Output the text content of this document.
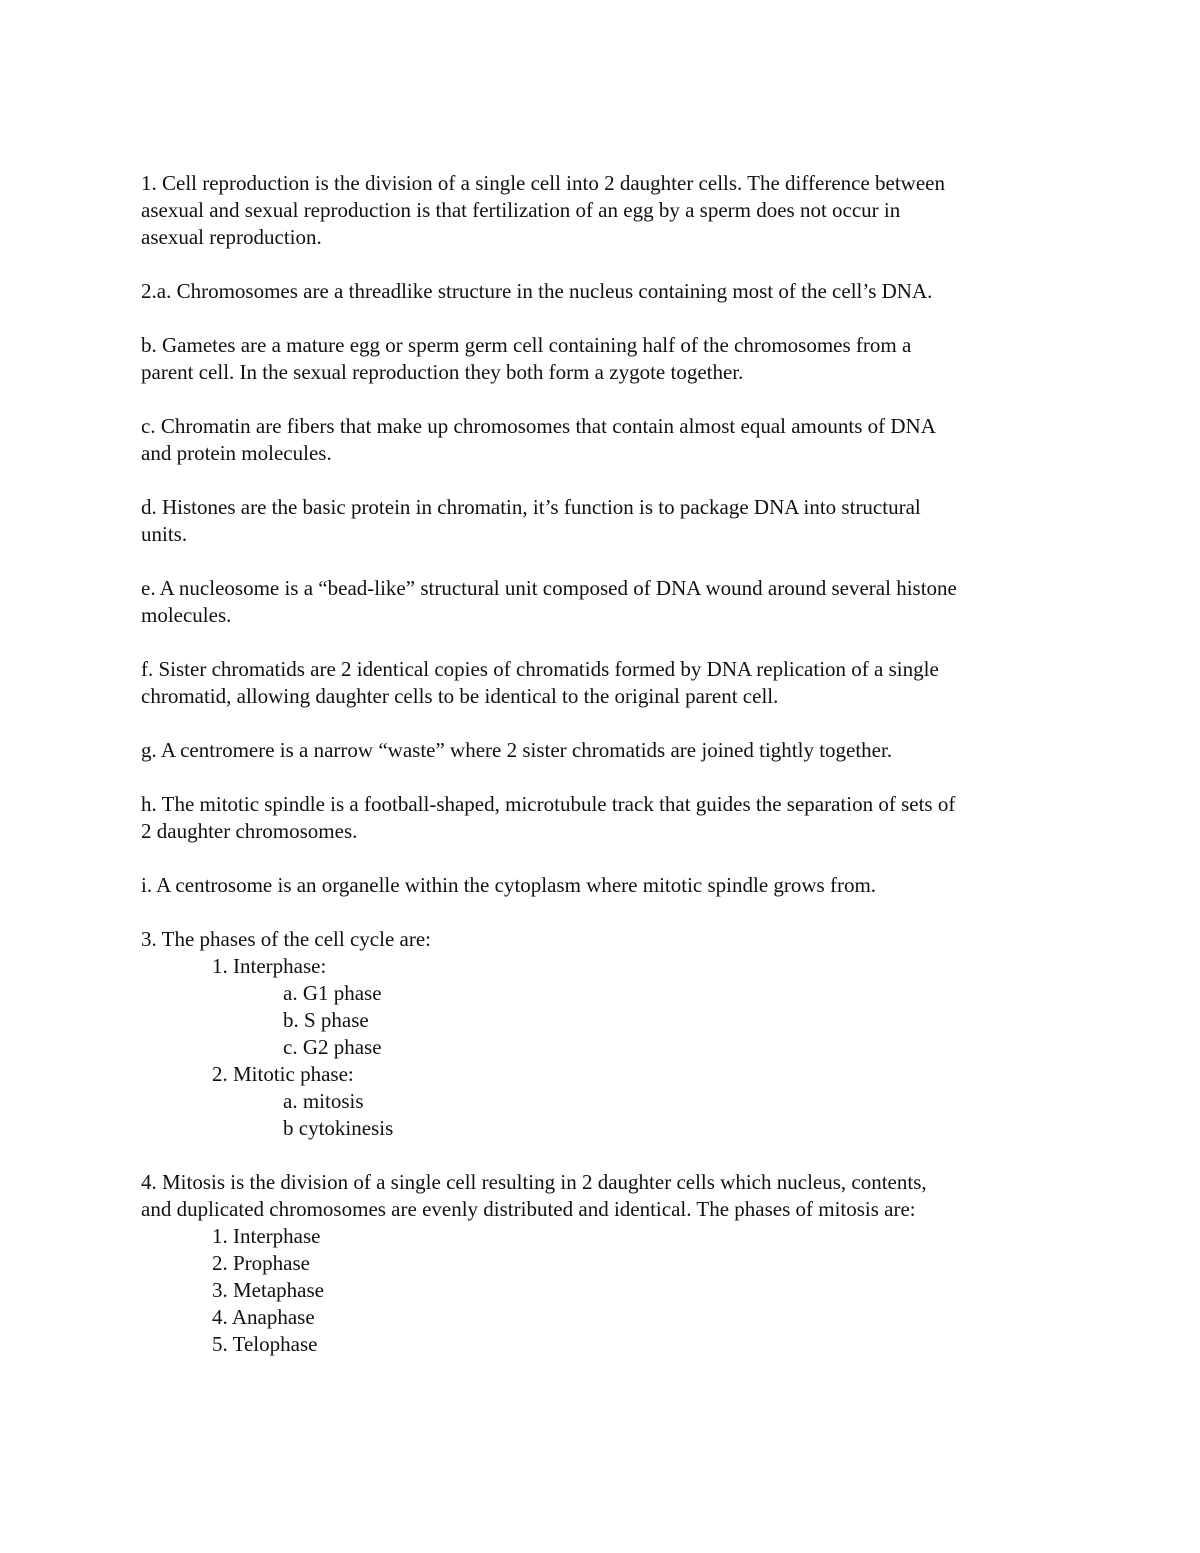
1. Cell reproduction is the division of a single cell into 2 daughter cells. The difference between
asexual and sexual reproduction is that fertilization of an egg by a sperm does not occur in
asexual reproduction.

2.a. Chromosomes are a threadlike structure in the nucleus containing most of the cell’s DNA.

b. Gametes are a mature egg or sperm germ cell containing half of the chromosomes from a
parent cell. In the sexual reproduction they both form a zygote together.

c. Chromatin are fibers that make up chromosomes that contain almost equal amounts of DNA
and protein molecules.

d. Histones are the basic protein in chromatin, it’s function is to package DNA into structural
units.

e. A nucleosome is a “bead-like” structural unit composed of DNA wound around several histone
molecules.

f. Sister chromatids are 2 identical copies of chromatids formed by DNA replication of a single
chromatid, allowing daughter cells to be identical to the original parent cell.

g. A centromere is a narrow “waste” where 2 sister chromatids are joined tightly together.

h. The mitotic spindle is a football-shaped, microtubule track that guides the separation of sets of
2 daughter chromosomes.

i. A centrosome is an organelle within the cytoplasm where mitotic spindle grows from.

3. The phases of the cell cycle are:
1. Interphase:
a. G1 phase
b. S phase
c. G2 phase
2. Mitotic phase:
a. mitosis
b cytokinesis
4. Mitosis is the division of a single cell resulting in 2 daughter cells which nucleus, contents,
and duplicated chromosomes are evenly distributed and identical. The phases of mitosis are:
1. Interphase
2. Prophase
3. Metaphase
4. Anaphase
5. Telophase
